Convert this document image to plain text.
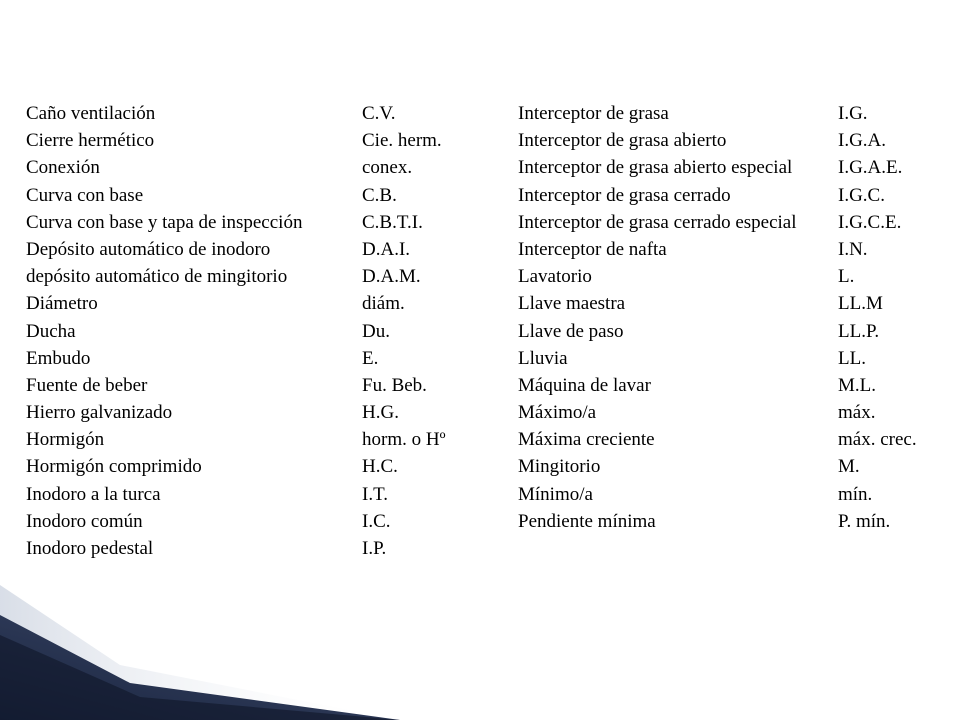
Caño ventilación	C.V.	Interceptor de grasa	I.G.
Cierre hermético	Cie. herm.	Interceptor de grasa abierto	I.G.A.
Conexión	conex.	Interceptor de grasa abierto especial I.G.A.E.
Curva con base	C.B.	Interceptor de grasa cerrado	I.G.C.
Curva con base y tapa de inspección	C.B.T.I.	Interceptor de grasa cerrado especial I.G.C.E.
Depósito automático de inodoro	D.A.I.	Interceptor de nafta	I.N.
depósito automático de mingitorio	D.A.M.	Lavatorio	L.
Diámetro	diám.	Llave maestra	LL.M
Ducha	Du.	Llave de paso	LL.P.
Embudo	E.	Lluvia	LL.
Fuente de beber	Fu. Beb.	Máquina de lavar	M.L.
Hierro galvanizado	H.G.	Máximo/a	máx.
Hormigón	horm. o Hº	Máxima creciente	máx. crec.
Hormigón comprimido	H.C.	Mingitorio	M.
Inodoro a la turca	I.T.	Mínimo/a	mín.
Inodoro común	I.C.	Pendiente mínima	P. mín.
Inodoro pedestal	I.P.
